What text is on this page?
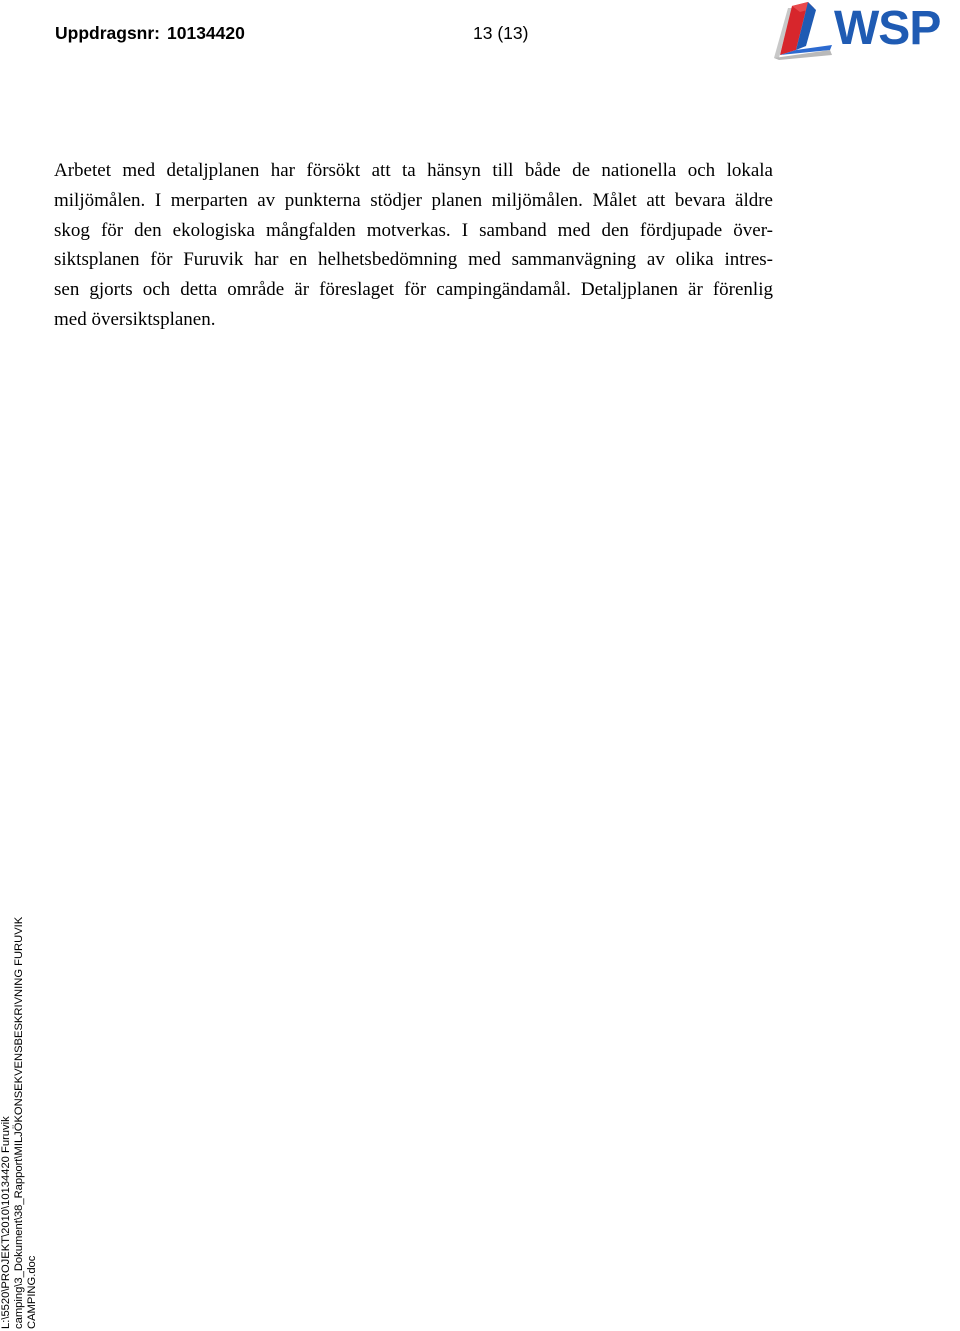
Uppdragsnr: 10134420	13 (13)	WSP

Arbetet med detaljplanen har försökt att ta hänsyn till både de nationella och lokala
miljömålen. I merparten av punkterna stödjer planen miljömålen. Målet att bevara äldre
skog för den ekologiska mångfalden motverkas. I samband med den fördjupade över-
siktsplanen för Furuvik har en helhetsbedömning med sammanvägning av olika intres-
sen gjorts och detta område är föreslaget för campingändamål. Detaljplanen är förenlig
med översiktsplanen.

L:\5520\PROJEKT\2010\10134420 Furuvik camping\3_Dokument\38_Rapport\MILJÖKONSEKVENSBESKRIVNING FURUVIK CAMPING.doc
